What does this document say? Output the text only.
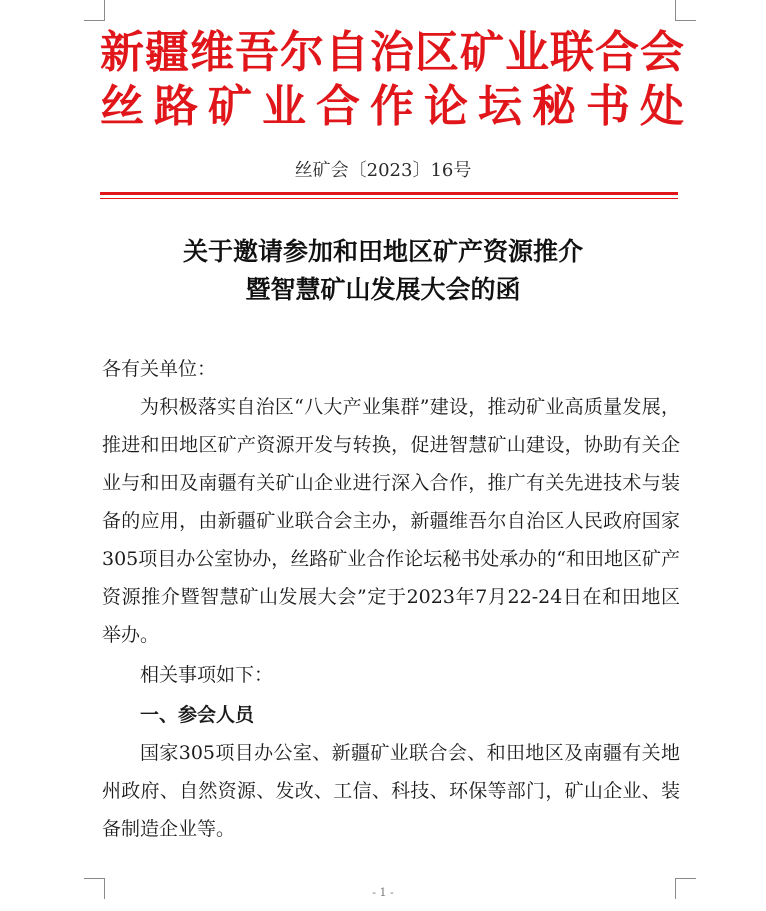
新疆维吾尔自治区矿业联合会
丝路矿业合作论坛秘书处
丝矿会〔2023〕16号
关于邀请参加和田地区矿产资源推介
暨智慧矿山发展大会的函
各有关单位：
为积极落实自治区“八大产业集群”建设，推动矿业高质量发展，推进和田地区矿产资源开发与转换，促进智慧矿山建设，协助有关企业与和田及南疆有关矿山企业进行深入合作，推广有关先进技术与装备的应用，由新疆矿业联合会主办，新疆维吾尔自治区人民政府国家305项目办公室协办，丝路矿业合作论坛秘书处承办的“和田地区矿产资源推介暨智慧矿山发展大会”定于2023年7月22-24日在和田地区举办。
相关事项如下：
一、参会人员
国家305项目办公室、新疆矿业联合会、和田地区及南疆有关地州政府、自然资源、发改、工信、科技、环保等部门，矿山企业、装备制造企业等。
- 1 -
